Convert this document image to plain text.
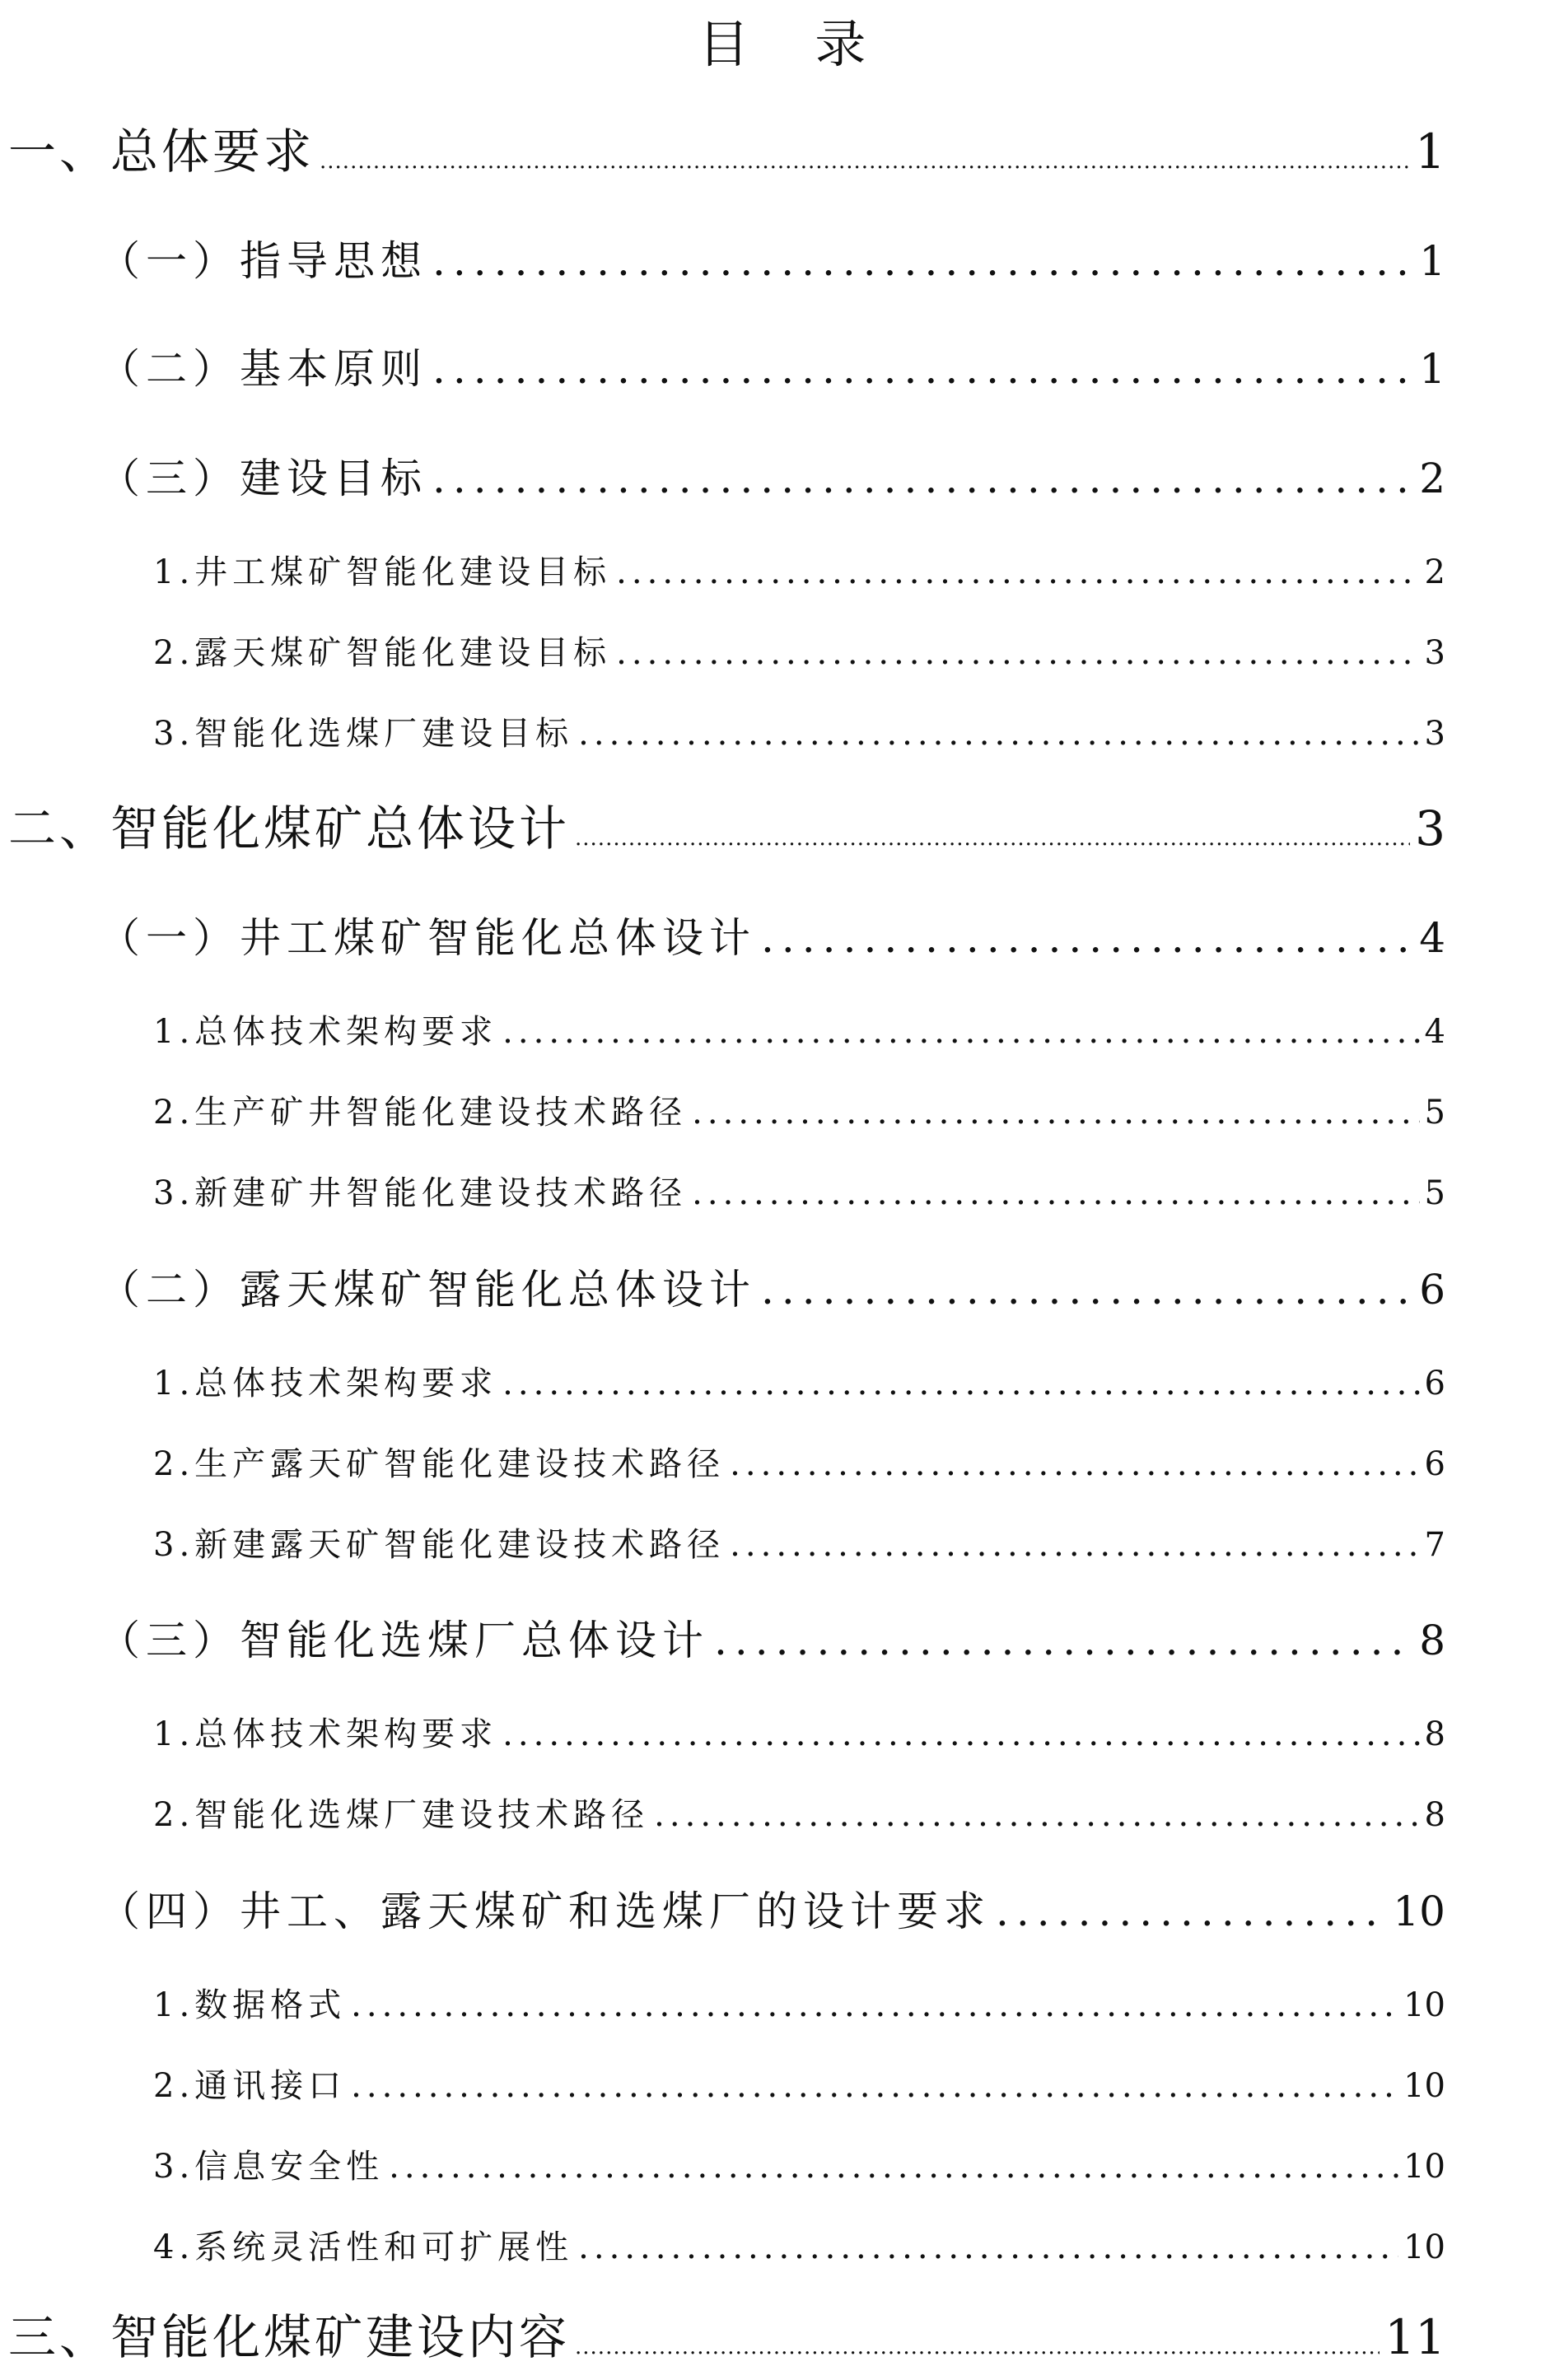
目 录
一、总体要求 .....	1
（一）指导思想 .....	1
（二）基本原则 .....	1
（三）建设目标 .....	2
1.井工煤矿智能化建设目标 .....	2
2.露天煤矿智能化建设目标 .....	3
3.智能化选煤厂建设目标 .....	3
二、智能化煤矿总体设计 .....	3
（一）井工煤矿智能化总体设计 .....	4
1.总体技术架构要求 .....	4
2.生产矿井智能化建设技术路径 .....	5
3.新建矿井智能化建设技术路径 .....	5
（二）露天煤矿智能化总体设计 .....	6
1.总体技术架构要求 .....	6
2.生产露天矿智能化建设技术路径 .....	6
3.新建露天矿智能化建设技术路径 .....	7
（三）智能化选煤厂总体设计 .....	8
1.总体技术架构要求 .....	8
2.智能化选煤厂建设技术路径 .....	8
（四）井工、露天煤矿和选煤厂的设计要求 .....	10
1.数据格式 .....	10
2.通讯接口 .....	10
3.信息安全性 .....	10
4.系统灵活性和可扩展性 .....	10
三、智能化煤矿建设内容 .....	11
